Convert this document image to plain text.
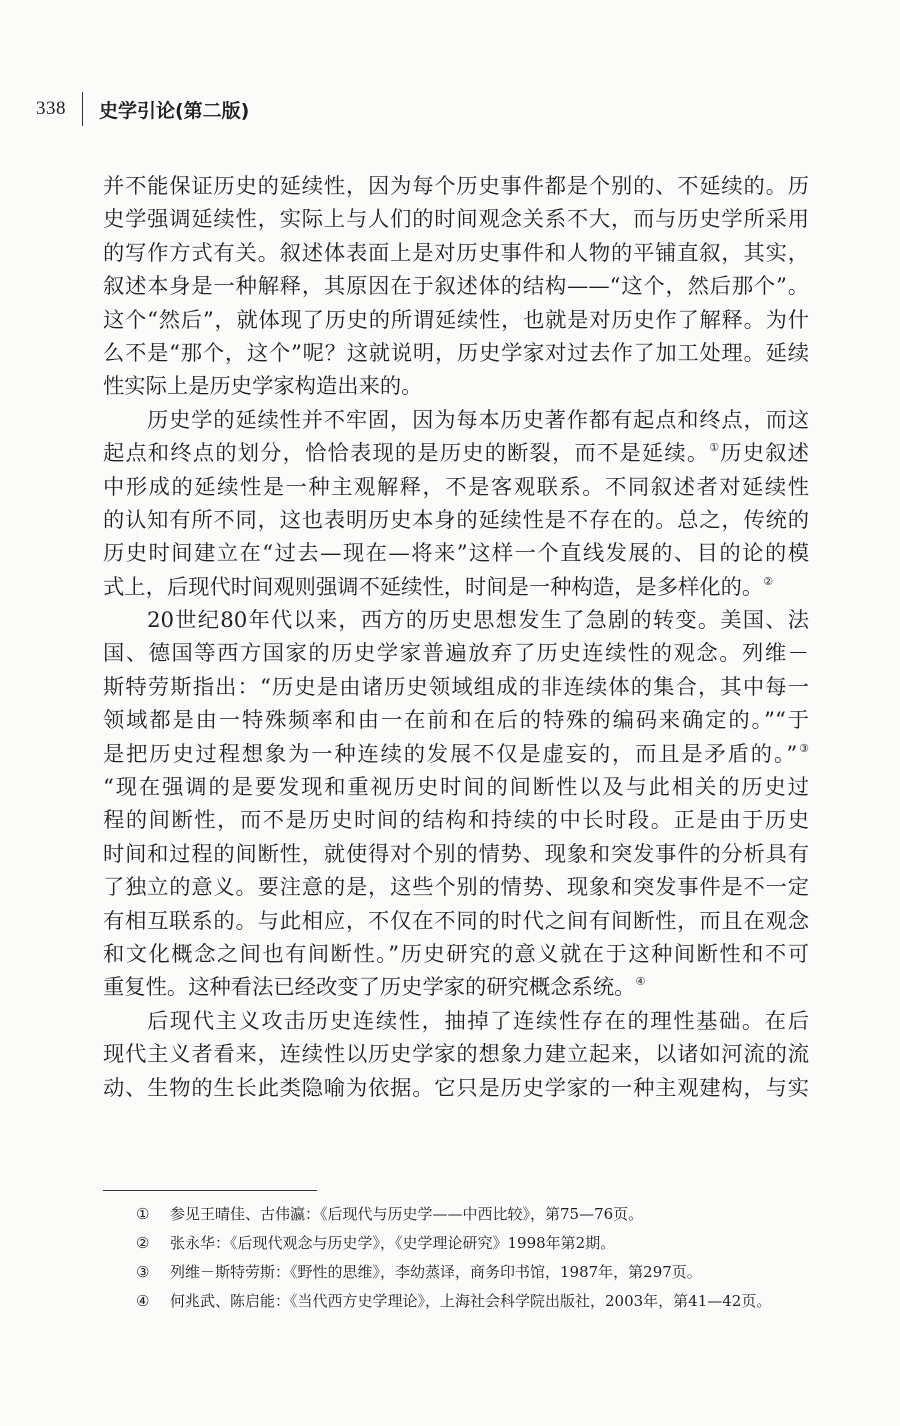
338 史学引论(第二版)
并不能保证历史的延续性，因为每个历史事件都是个别的、不延续的。历
史学强调延续性，实际上与人们的时间观念关系不大，而与历史学所采用
的写作方式有关。叙述体表面上是对历史事件和人物的平铺直叙，其实，
叙述本身是一种解释，其原因在于叙述体的结构——“这个，然后那个”。
这个“然后”，就体现了历史的所谓延续性，也就是对历史作了解释。为什
么不是“那个，这个”呢？这就说明，历史学家对过去作了加工处理。延续
性实际上是历史学家构造出来的。
历史学的延续性并不牢固，因为每本历史著作都有起点和终点，而这
起点和终点的划分，恰恰表现的是历史的断裂，而不是延续。①历史叙述
中形成的延续性是一种主观解释，不是客观联系。不同叙述者对延续性
的认知有所不同，这也表明历史本身的延续性是不存在的。总之，传统的
历史时间建立在“过去—现在—将来”这样一个直线发展的、目的论的模
式上，后现代时间观则强调不延续性，时间是一种构造，是多样化的。②
20世纪80年代以来，西方的历史思想发生了急剧的转变。美国、法
国、德国等西方国家的历史学家普遍放弃了历史连续性的观念。列维－
斯特劳斯指出：“历史是由诸历史领域组成的非连续体的集合，其中每一
领域都是由一特殊频率和由一在前和在后的特殊的编码来确定的。”“于
是把历史过程想象为一种连续的发展不仅是虚妄的，而且是矛盾的。”③
“现在强调的是要发现和重视历史时间的间断性以及与此相关的历史过
程的间断性，而不是历史时间的结构和持续的中长时段。正是由于历史
时间和过程的间断性，就使得对个别的情势、现象和突发事件的分析具有
了独立的意义。要注意的是，这些个别的情势、现象和突发事件是不一定
有相互联系的。与此相应，不仅在不同的时代之间有间断性，而且在观念
和文化概念之间也有间断性。”历史研究的意义就在于这种间断性和不可
重复性。这种看法已经改变了历史学家的研究概念系统。④
后现代主义攻击历史连续性，抽掉了连续性存在的理性基础。在后
现代主义者看来，连续性以历史学家的想象力建立起来，以诸如河流的流
动、生物的生长此类隐喻为依据。它只是历史学家的一种主观建构，与实
①	参见王晴佳、古伟瀛：《后现代与历史学——中西比较》，第75—76页。
②	张永华：《后现代观念与历史学》，《史学理论研究》1998年第2期。
③	列维－斯特劳斯：《野性的思维》，李幼蒸译，商务印书馆，1987年，第297页。
④	何兆武、陈启能：《当代西方史学理论》，上海社会科学院出版社，2003年，第41—42页。
